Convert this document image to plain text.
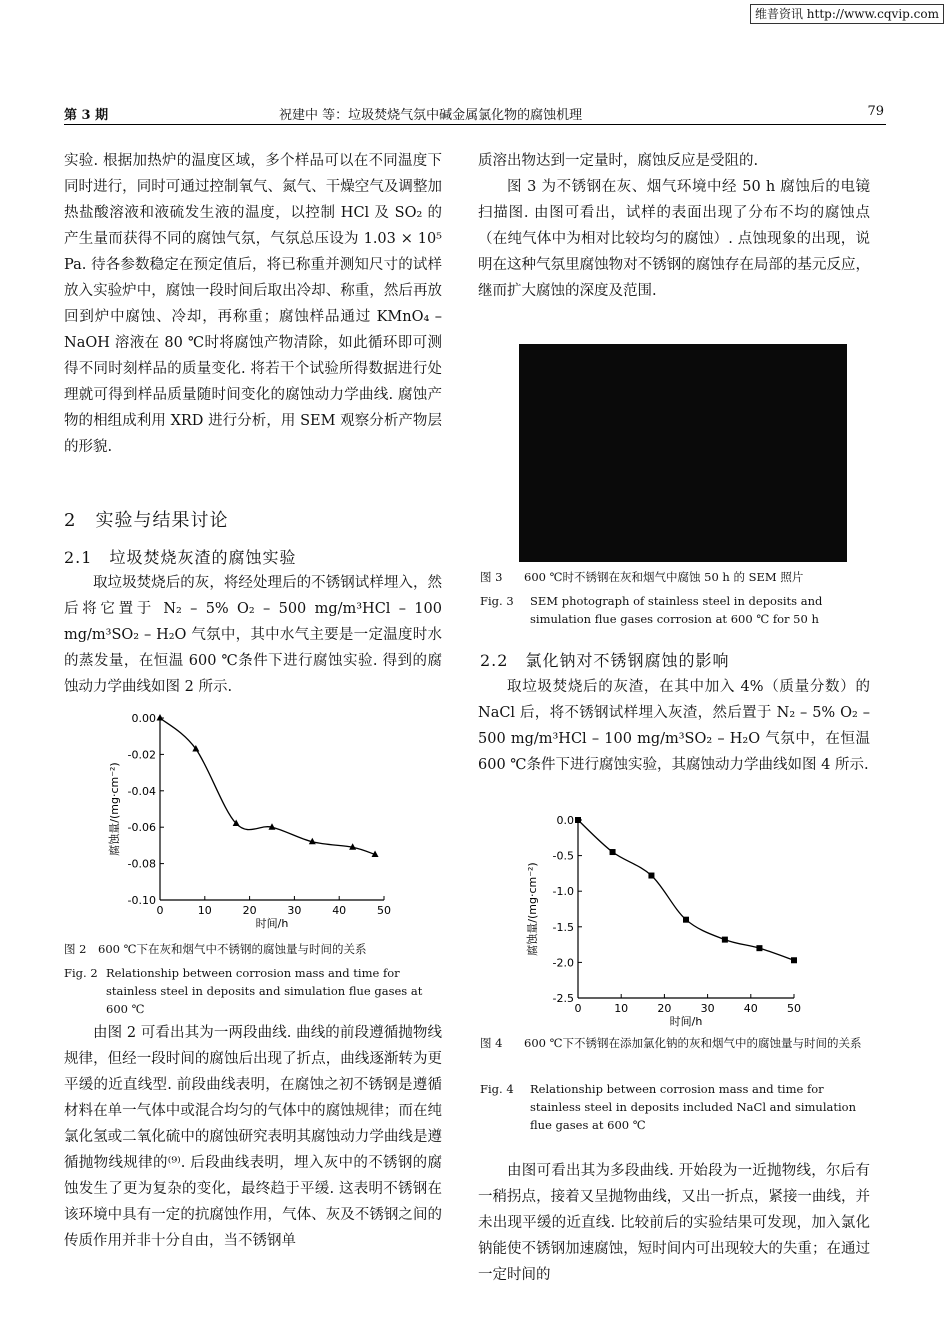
维普资讯 http://www.cqvip.com
第 3 期	祝建中 等：垃圾焚烧气氛中碱金属氯化物的腐蚀机理	79

实验. 根据加热炉的温度区域，多个样品可以在不同温度下同时进行，同时可通过控制氧气、氮气、干燥空气及调整加热盐酸溶液和液硫发生液的温度，以控制 HCl 及 SO₂ 的产生量而获得不同的腐蚀气氛，气氛总压设为 1.03 × 10⁵ Pa. 待各参数稳定在预定值后，将已称重并测知尺寸的试样放入实验炉中，腐蚀一段时间后取出冷却、称重，然后再放回到炉中腐蚀、冷却，再称重；腐蚀样品通过 KMnO₄ – NaOH 溶液在 80 ℃时将腐蚀产物清除，如此循环即可测得不同时刻样品的质量变化. 将若干个试验所得数据进行处理就可得到样品质量随时间变化的腐蚀动力学曲线. 腐蚀产物的相组成利用 XRD 进行分析，用 SEM 观察分析产物层的形貌.

2　实验与结果讨论
2.1　垃圾焚烧灰渣的腐蚀实验

取垃圾焚烧后的灰，将经处理后的不锈钢试样埋入，然后将它置于 N₂ – 5% O₂ – 500 mg/m³HCl – 100 mg/m³SO₂ – H₂O 气氛中，其中水气主要是一定温度时水的蒸发量，在恒温 600 ℃条件下进行腐蚀实验. 得到的腐蚀动力学曲线如图 2 所示.

0.00
-0.02
-0.04
-0.06
-0.08
-0.10
0	10	20	30	40	50
时间/h
腐蚀量/(mg·cm⁻²)
图 2 600 ℃下在灰和烟气中不锈钢的腐蚀量与时间的关系
Fig. 2 Relationship between corrosion mass and time for stainless steel in deposits and simulation flue gases at 600 ℃

由图 2 可看出其为一两段曲线. 曲线的前段遵循抛物线规律，但经一段时间的腐蚀后出现了折点，曲线逐渐转为更平缓的近直线型. 前段曲线表明，在腐蚀之初不锈钢是遵循材料在单一气体中或混合均匀的气体中的腐蚀规律；而在纯氯化氢或二氧化硫中的腐蚀研究表明其腐蚀动力学曲线是遵循抛物线规律的⁽⁹⁾. 后段曲线表明，埋入灰中的不锈钢的腐蚀发生了更为复杂的变化，最终趋于平缓. 这表明不锈钢在该环境中具有一定的抗腐蚀作用，气体、灰及不锈钢之间的传质作用并非十分自由，当不锈钢单

质溶出物达到一定量时，腐蚀反应是受阻的.

图 3 为不锈钢在灰、烟气环境中经 50 h 腐蚀后的电镜扫描图. 由图可看出，试样的表面出现了分布不均的腐蚀点（在纯气体中为相对比较均匀的腐蚀）. 点蚀现象的出现，说明在这种气氛里腐蚀物对不锈钢的腐蚀存在局部的基元反应，继而扩大腐蚀的深度及范围.

图 3 600 ℃时不锈钢在灰和烟气中腐蚀 50 h 的 SEM 照片
Fig. 3 SEM photograph of stainless steel in deposits and simulation flue gases corrosion at 600 ℃ for 50 h
2.2　氯化钠对不锈钢腐蚀的影响

取垃圾焚烧后的灰渣，在其中加入 4%（质量分数）的 NaCl 后，将不锈钢试样埋入灰渣，然后置于 N₂ – 5% O₂ – 500 mg/m³HCl – 100 mg/m³SO₂ – H₂O 气氛中，在恒温 600 ℃条件下进行腐蚀实验，其腐蚀动力学曲线如图 4 所示.

0.0
-0.5
-1.0
-1.5
-2.0
-2.5
0	10	20	30	40	50
时间/h
腐蚀量/(mg·cm⁻²)
图 4 600 ℃下不锈钢在添加氯化钠的灰和烟气中的腐蚀量与时间的关系
Fig. 4 Relationship between corrosion mass and time for stainless steel in deposits included NaCl and simulation flue gases at 600 ℃

由图可看出其为多段曲线. 开始段为一近抛物线，尔后有一稍拐点，接着又呈抛物曲线，又出一折点，紧接一曲线，并未出现平缓的近直线. 比较前后的实验结果可发现，加入氯化钠能使不锈钢加速腐蚀，短时间内可出现较大的失重；在通过一定时间的
